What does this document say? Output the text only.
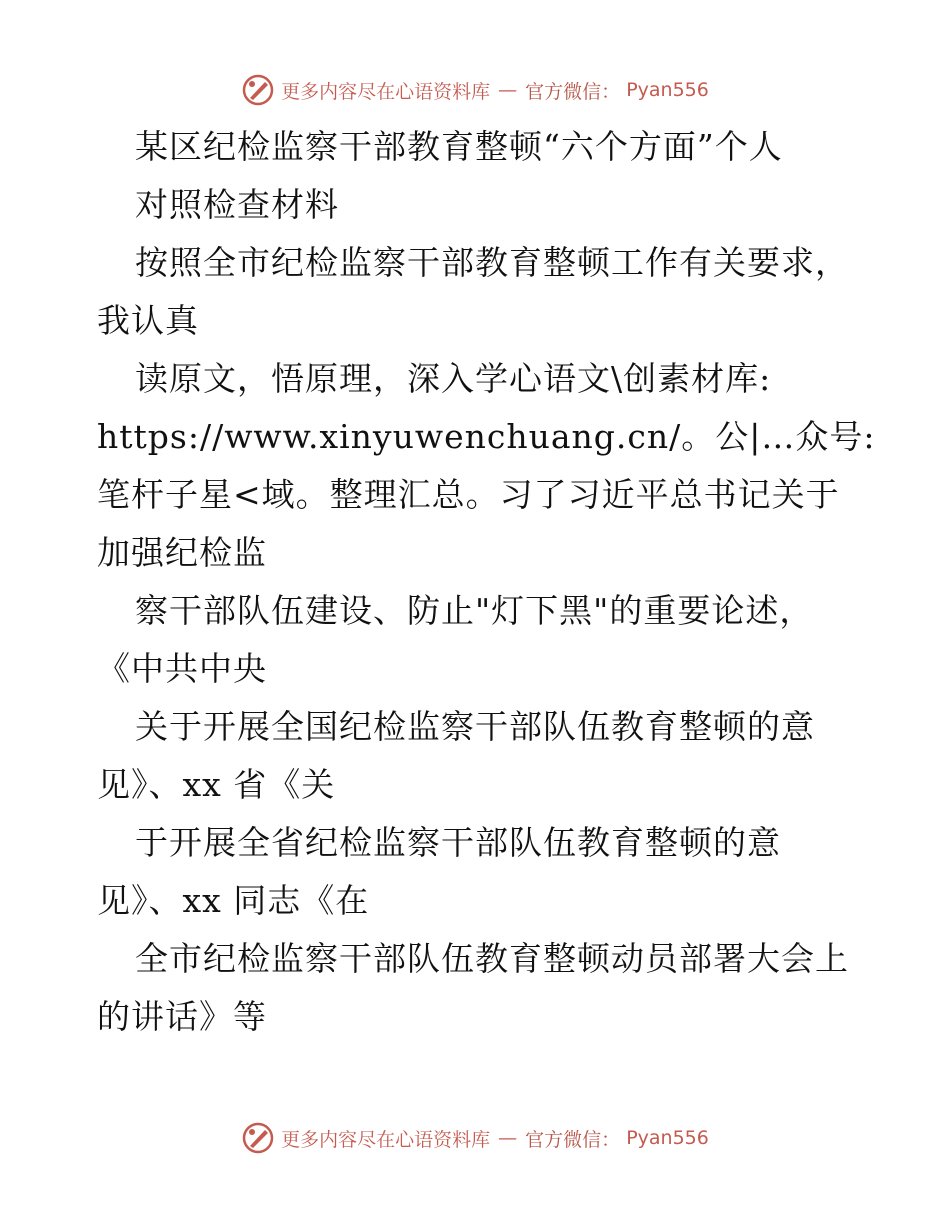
更多内容尽在心语资料库 — 官方微信： Pyan556
某区纪检监察干部教育整顿“六个方面”个人
对照检查材料
按照全市纪检监察干部教育整顿工作有关要求，
我认真
读原文，悟原理，深入学心语文\创素材库:
https://www.xinyuwenchuang.cn/。公|…众号:
笔杆子星<域。整理汇总。习了习近平总书记关于
加强纪检监
察干部队伍建设、防止"灯下黑"的重要论述，
《中共中央
关于开展全国纪检监察干部队伍教育整顿的意
见》、xx 省《关
于开展全省纪检监察干部队伍教育整顿的意
见》、xx 同志《在
全市纪检监察干部队伍教育整顿动员部署大会上
的讲话》等
更多内容尽在心语资料库 — 官方微信： Pyan556
